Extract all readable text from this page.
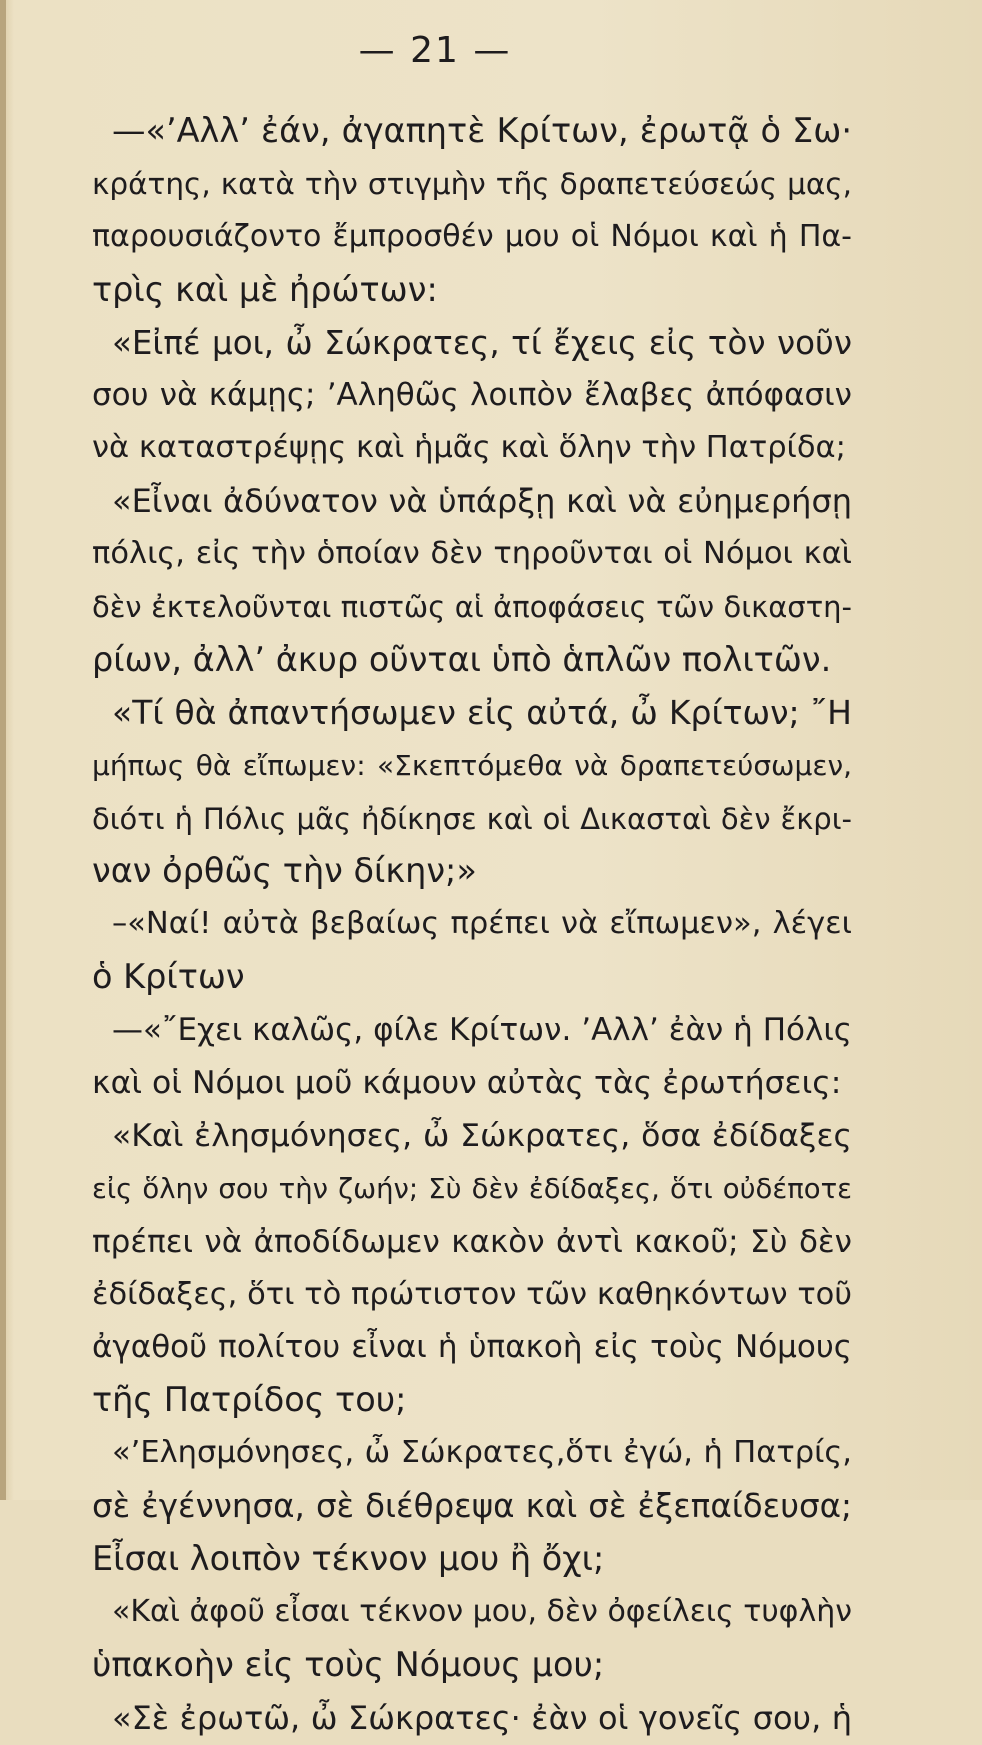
— 21 —
—«’Αλλ’ ἐάν, ἀγαπητὲ Κρίτων, ἐρωτᾷ ὁ Σω·
κράτης, κατὰ τὴν στιγμὴν τῆς δραπετεύσεώς μας,
παρουσιάζοντο ἔμπροσθέν μου οἱ Νόμοι καὶ ἡ Πα-
τρὶς καὶ μὲ ἠρώτων:
«Εἰπέ μοι, ὦ Σώκρατες, τί ἔχεις εἰς τὸν νοῦν
σου νὰ κάμῃς; ’Αληθῶς λοιπὸν ἔλαβες ἀπόφασιν
νὰ καταστρέψῃς καὶ ἡμᾶς καὶ ὅλην τὴν Πατρίδα;
«Εἶναι ἀδύνατον νὰ ὑπάρξῃ καὶ νὰ εὐημερήσῃ
πόλις, εἰς τὴν ὁποίαν δὲν τηροῦνται οἱ Νόμοι καὶ
δὲν ἐκτελοῦνται πιστῶς αἱ ἀποφάσεις τῶν δικαστη-
ρίων, ἀλλ’ ἀκυρ οῦνται ὑπὸ ἁπλῶν πολιτῶν.
«Τί θὰ ἀπαντήσωμεν εἰς αὐτά, ὦ Κρίτων; ῎Η
μήπως θὰ εἴπωμεν: «Σκεπτόμεθα νὰ δραπετεύσωμεν,
διότι ἡ Πόλις μᾶς ἠδίκησε καὶ οἱ Δικασταὶ δὲν ἔκρι-
ναν ὀρθῶς τὴν δίκην;»
–«Ναί! αὐτὰ βεβαίως πρέπει νὰ εἴπωμεν», λέγει
ὁ Κρίτων
—«῎Εχει καλῶς, φίλε Κρίτων. ’Αλλ’ ἐὰν ἡ Πόλις
καὶ οἱ Νόμοι μοῦ κάμουν αὐτὰς τὰς ἐρωτήσεις:
«Καὶ ἐλησμόνησες, ὦ Σώκρατες, ὅσα ἐδίδαξες
εἰς ὅλην σου τὴν ζωήν; Σὺ δὲν ἐδίδαξες, ὅτι οὐδέποτε
πρέπει νὰ ἀποδίδωμεν κακὸν ἀντὶ κακοῦ; Σὺ δὲν
ἐδίδαξες, ὅτι τὸ πρώτιστον τῶν καθηκόντων τοῦ
ἀγαθοῦ πολίτου εἶναι ἡ ὑπακοὴ εἰς τοὺς Νόμους
τῆς Πατρίδος του;
«’Ελησμόνησες, ὦ Σώκρατες,ὅτι ἐγώ, ἡ Πατρίς,
σὲ ἐγέννησα, σὲ διέθρεψα καὶ σὲ ἐξεπαίδευσα;
Εἶσαι λοιπὸν τέκνον μου ἢ ὄχι;
«Καὶ ἀφοῦ εἶσαι τέκνον μου, δὲν ὀφείλεις τυφλὴν
ὑπακοὴν εἰς τοὺς Νόμους μου;
«Σὲ ἐρωτῶ, ὦ Σώκρατες· ἐὰν οἱ γονεῖς σου, ἡ
